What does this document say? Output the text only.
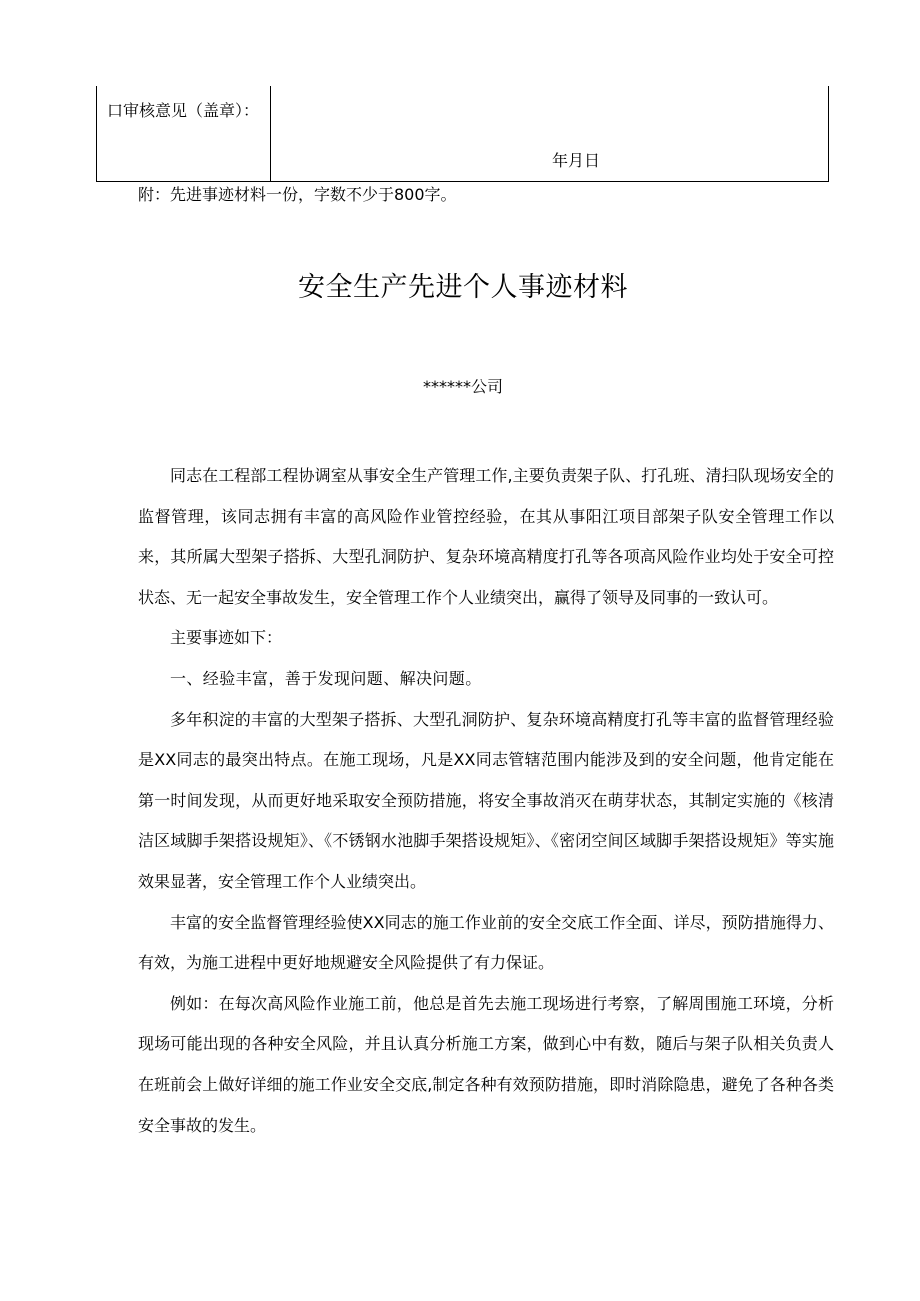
口审核意见（盖章）：
年月日
附：先进事迹材料一份，字数不少于800字。
安全生产先进个人事迹材料
******公司

同志在工程部工程协调室从事安全生产管理工作,主要负责架子队、打孔班、清扫队现场安全的监督管理，该同志拥有丰富的高风险作业管控经验，在其从事阳江项目部架子队安全管理工作以来，其所属大型架子搭拆、大型孔洞防护、复杂环境高精度打孔等各项高风险作业均处于安全可控状态、无一起安全事故发生，安全管理工作个人业绩突出，赢得了领导及同事的一致认可。

主要事迹如下：

一、经验丰富，善于发现问题、解决问题。

多年积淀的丰富的大型架子搭拆、大型孔洞防护、复杂环境高精度打孔等丰富的监督管理经验是XX同志的最突出特点。在施工现场，凡是XX同志管辖范围内能涉及到的安全问题，他肯定能在第一时间发现，从而更好地采取安全预防措施，将安全事故消灭在萌芽状态，其制定实施的《核清洁区域脚手架搭设规矩》、《不锈钢水池脚手架搭设规矩》、《密闭空间区域脚手架搭设规矩》等实施效果显著，安全管理工作个人业绩突出。

丰富的安全监督管理经验使XX同志的施工作业前的安全交底工作全面、详尽，预防措施得力、有效，为施工进程中更好地规避安全风险提供了有力保证。

例如：在每次高风险作业施工前，他总是首先去施工现场进行考察，了解周围施工环境，分析现场可能出现的各种安全风险，并且认真分析施工方案，做到心中有数，随后与架子队相关负责人在班前会上做好详细的施工作业安全交底,制定各种有效预防措施，即时消除隐患，避免了各种各类安全事故的发生。
